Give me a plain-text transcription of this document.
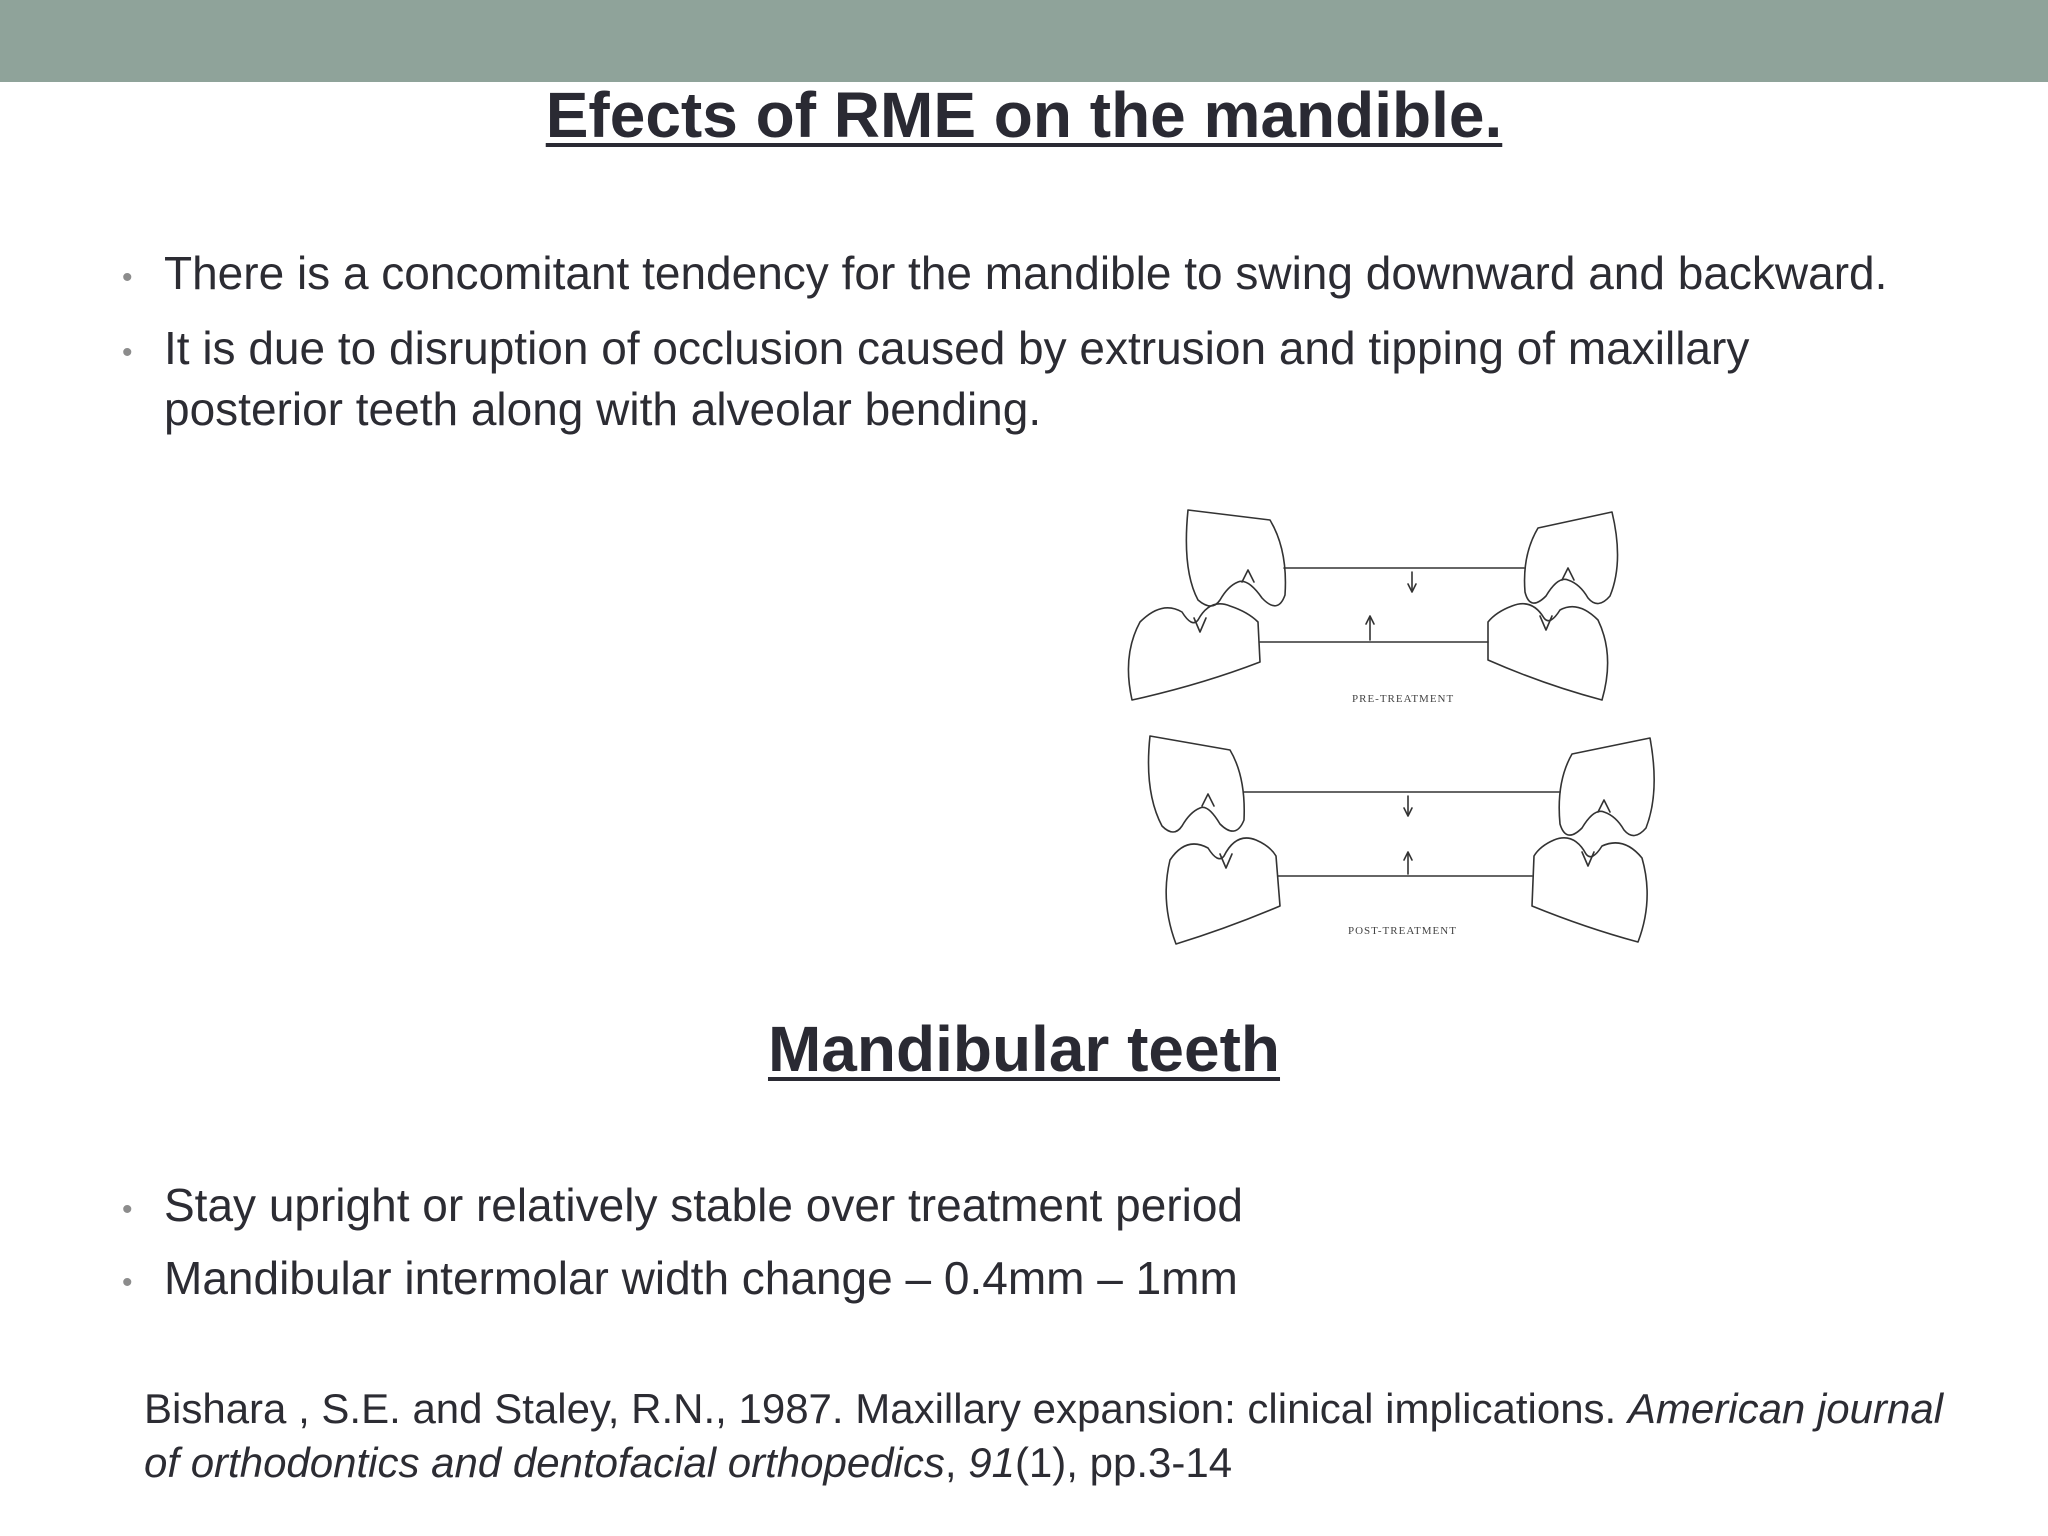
Efects of RME on the mandible.
• There is a concomitant tendency for the mandible to swing downward and backward.
• It is due to disruption of occlusion caused by extrusion and tipping of maxillary posterior teeth along with alveolar bending.
PRE-TREATMENT
POST-TREATMENT
Mandibular teeth
• Stay upright or relatively stable over treatment period
• Mandibular intermolar width change – 0.4mm – 1mm
Bishara , S.E. and Staley, R.N., 1987. Maxillary expansion: clinical implications. American journal of orthodontics and dentofacial orthopedics, 91(1), pp.3-14
